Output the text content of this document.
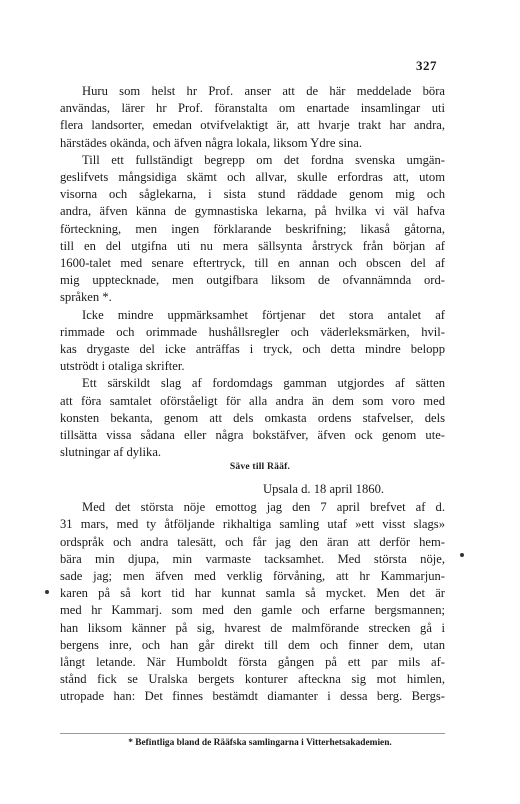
327
Huru som helst hr Prof. anser att de här meddelade böra
användas, lärer hr Prof. föranstalta om enartade insamlingar uti
flera landsorter, emedan otvifvelaktigt är, att hvarje trakt har andra,
härstädes okända, och äfven några lokala, liksom Ydre sina.
Till ett fullständigt begrepp om det fordna svenska umgän-
geslifvets mångsidiga skämt och allvar, skulle erfordras att, utom
visorna och såglekarna, i sista stund räddade genom mig och
andra, äfven känna de gymnastiska lekarna, på hvilka vi väl hafva
förteckning, men ingen förklarande beskrifning; likaså gåtorna,
till en del utgifna uti nu mera sällsynta årstryck från början af
1600-talet med senare eftertryck, till en annan och obscen del af
mig upptecknade, men outgifbara liksom de ofvannämnda ord-
språken *.
Icke mindre uppmärksamhet förtjenar det stora antalet af
rimmade och orimmade hushållsregler och väderleksmärken, hvil-
kas drygaste del icke anträffas i tryck, och detta mindre belopp
utströdt i otaliga skrifter.
Ett särskildt slag af fordomdags gamman utgjordes af sätten
att föra samtalet oförståeligt för alla andra än dem som voro med
konsten bekanta, genom att dels omkasta ordens stafvelser, dels
tillsätta vissa sådana eller några bokstäfver, äfven ock genom ute-
slutningar af dylika.
Säve till Rääf.
Upsala d. 18 april 1860.
Med det största nöje emottog jag den 7 april brefvet af d.
31 mars, med ty åtföljande rikhaltiga samling utaf »ett visst slags»
ordspråk och andra talesätt, och får jag den äran att derför hem-
bära min djupa, min varmaste tacksamhet. Med största nöje,
sade jag; men äfven med verklig förvåning, att hr Kammarjun-
karen på så kort tid har kunnat samla så mycket. Men det är
med hr Kammarj. som med den gamle och erfarne bergsmannen;
han liksom känner på sig, hvarest de malmförande strecken gå i
bergens inre, och han går direkt till dem och finner dem, utan
långt letande. När Humboldt första gången på ett par mils af-
stånd fick se Uralska bergets konturer afteckna sig mot himlen,
utropade han: Det finnes bestämdt diamanter i dessa berg. Bergs-
* Befintliga bland de Rääfska samlingarna i Vitterhetsakademien.
